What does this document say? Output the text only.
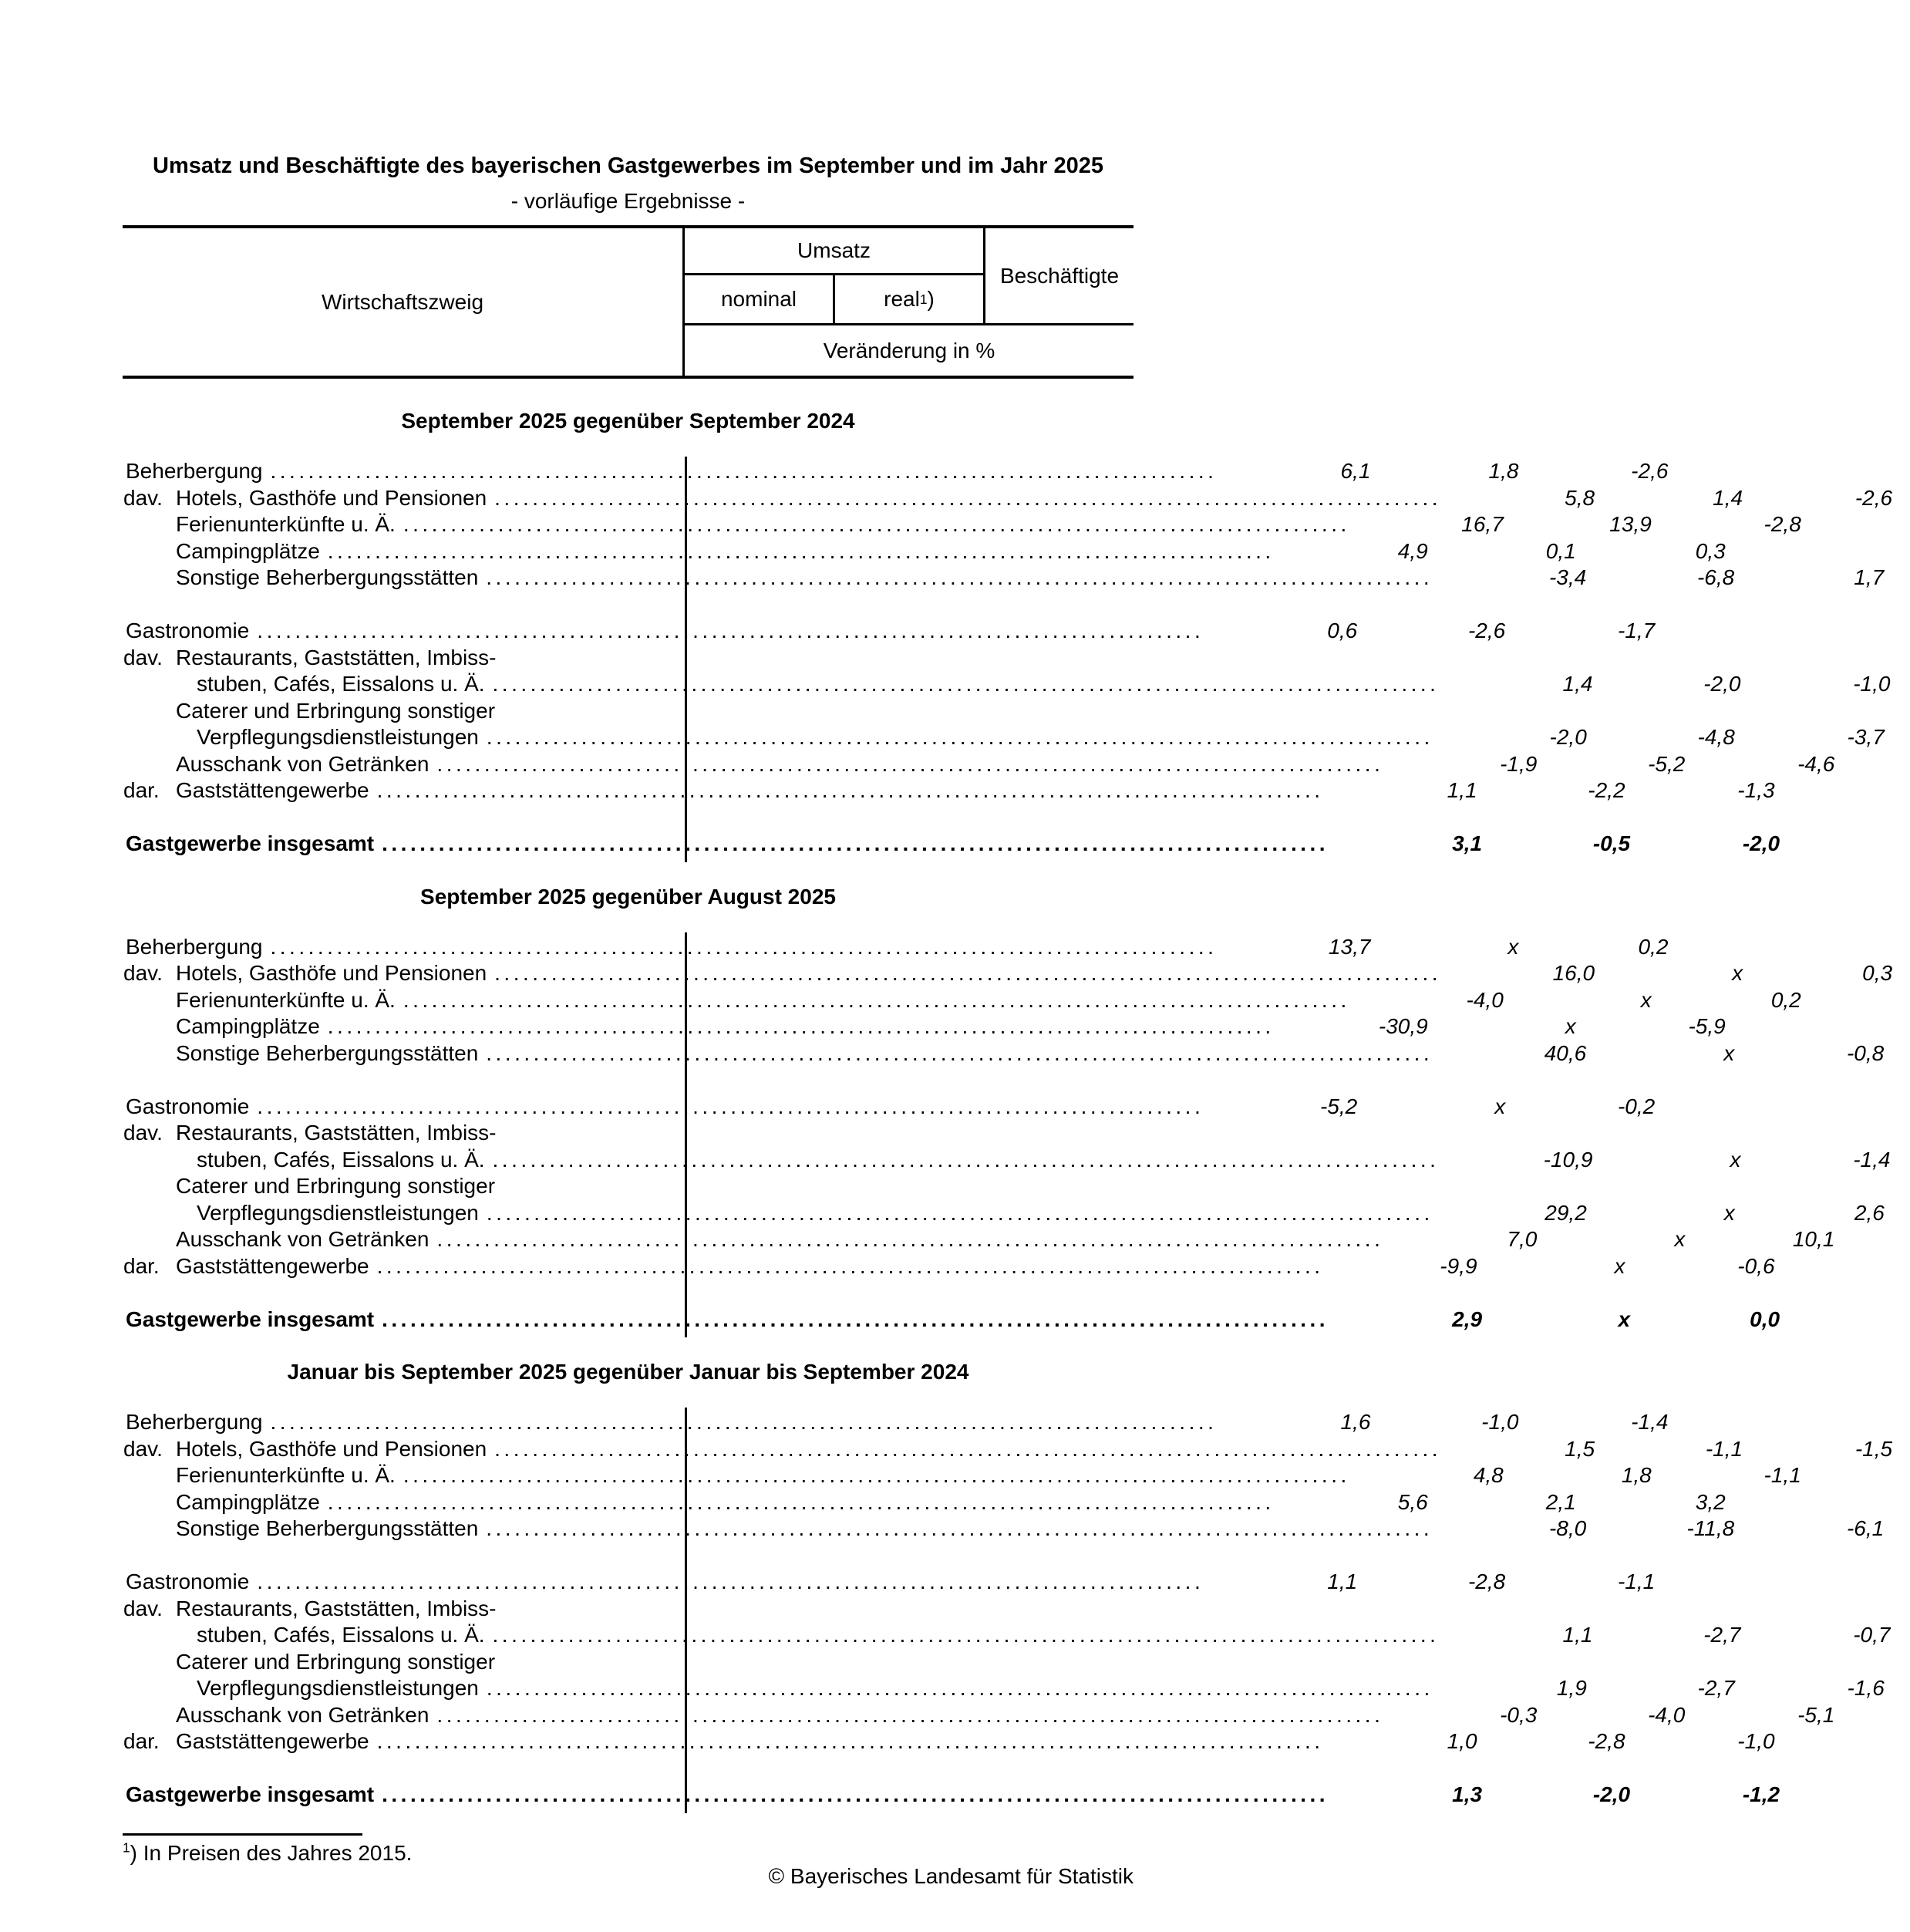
Umsatz und Beschäftigte des bayerischen Gastgewerbes im September und im Jahr 2025

- vorläufige Ergebnisse -

Wirtschaftszweig
Umsatz
Beschäftigte
nominal	real 1 )
Veränderung in %
September 2025 gegenüber September 2024
Beherbergung .....	6,1	1,8	-2,6
dav. Hotels, Gasthöfe und Pensionen .....	5,8	1,4	-2,6
Ferienunterkünfte u. Ä. .....	16,7	13,9	-2,8
Campingplätze .....	4,9	0,1	0,3
Sonstige Beherbergungsstätten .....	-3,4	-6,8	1,7
Gastronomie .....	0,6	-2,6	-1,7
dav. Restaurants, Gaststätten, Imbiss-
stuben, Cafés, Eissalons u. Ä. .....	1,4	-2,0	-1,0
Caterer und Erbringung sonstiger
Verpflegungsdienstleistungen .....	-2,0	-4,8	-3,7
Ausschank von Getränken .....	-1,9	-5,2	-4,6
dar. Gaststättengewerbe .....	1,1	-2,2	-1,3
Gastgewerbe insgesamt .....	3,1	-0,5	-2,0
September 2025 gegenüber August 2025
Beherbergung .....	13,7	x	0,2
dav. Hotels, Gasthöfe und Pensionen .....	16,0	x	0,3
Ferienunterkünfte u. Ä. .....	-4,0	x	0,2
Campingplätze .....	-30,9	x	-5,9
Sonstige Beherbergungsstätten .....	40,6	x	-0,8
Gastronomie .....	-5,2	x	-0,2
dav. Restaurants, Gaststätten, Imbiss-
stuben, Cafés, Eissalons u. Ä. .....	-10,9	x	-1,4
Caterer und Erbringung sonstiger
Verpflegungsdienstleistungen .....	29,2	x	2,6
Ausschank von Getränken .....	7,0	x	10,1
dar. Gaststättengewerbe .....	-9,9	x	-0,6
Gastgewerbe insgesamt .....	2,9	x	0,0
Januar bis September 2025 gegenüber Januar bis September 2024
Beherbergung .....	1,6	-1,0	-1,4
dav. Hotels, Gasthöfe und Pensionen .....	1,5	-1,1	-1,5
Ferienunterkünfte u. Ä. .....	4,8	1,8	-1,1
Campingplätze .....	5,6	2,1	3,2
Sonstige Beherbergungsstätten .....	-8,0	-11,8	-6,1
Gastronomie .....	1,1	-2,8	-1,1
dav. Restaurants, Gaststätten, Imbiss-
stuben, Cafés, Eissalons u. Ä. .....	1,1	-2,7	-0,7
Caterer und Erbringung sonstiger
Verpflegungsdienstleistungen .....	1,9	-2,7	-1,6
Ausschank von Getränken .....	-0,3	-4,0	-5,1
dar. Gaststättengewerbe .....	1,0	-2,8	-1,0
Gastgewerbe insgesamt .....	1,3	-2,0	-1,2

$^1$) In Preisen des Jahres 2015.

© Bayerisches Landesamt für Statistik
